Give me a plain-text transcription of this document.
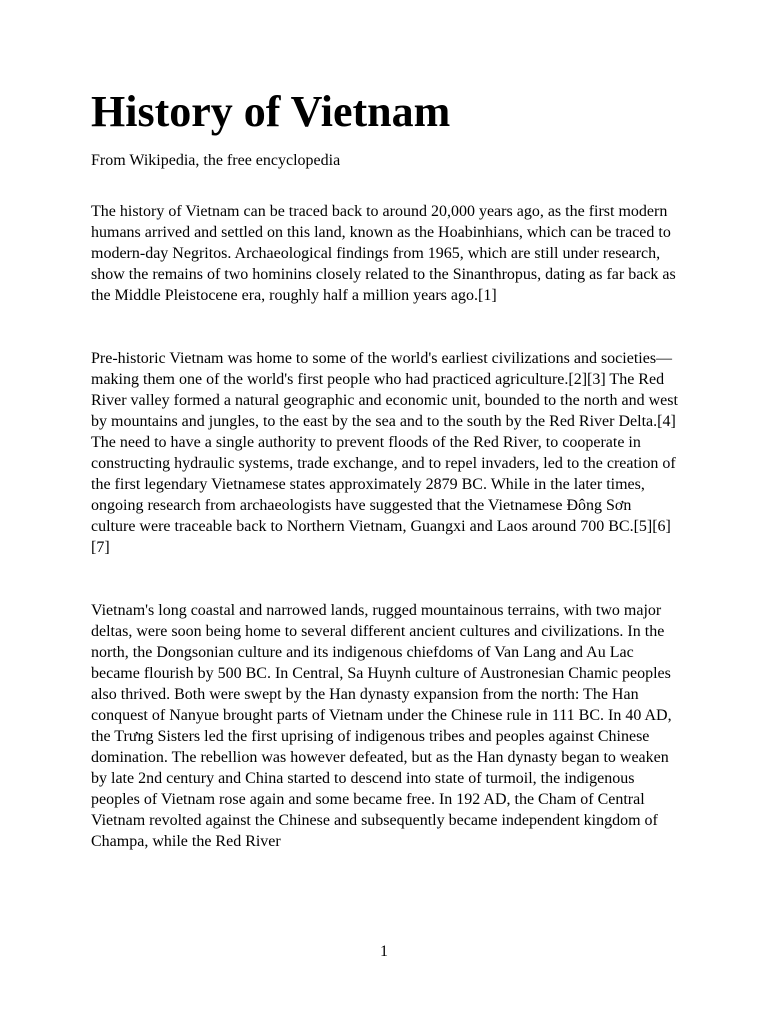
History of Vietnam

From Wikipedia, the free encyclopedia

The history of Vietnam can be traced back to around 20,000 years ago, as the first modern humans arrived and settled on this land, known as the Hoabinhians, which can be traced to modern-day Negritos. Archaeological findings from 1965, which are still under research, show the remains of two hominins closely related to the Sinanthropus, dating as far back as the Middle Pleistocene era, roughly half a million years ago.[1]

Pre-historic Vietnam was home to some of the world's earliest civilizations and societies—making them one of the world's first people who had practiced agriculture.[2][3] The Red River valley formed a natural geographic and economic unit, bounded to the north and west by mountains and jungles, to the east by the sea and to the south by the Red River Delta.[4] The need to have a single authority to prevent floods of the Red River, to cooperate in constructing hydraulic systems, trade exchange, and to repel invaders, led to the creation of the first legendary Vietnamese states approximately 2879 BC. While in the later times, ongoing research from archaeologists have suggested that the Vietnamese Đông Sơn culture were traceable back to Northern Vietnam, Guangxi and Laos around 700 BC.[5][6][7]

Vietnam's long coastal and narrowed lands, rugged mountainous terrains, with two major deltas, were soon being home to several different ancient cultures and civilizations. In the north, the Dongsonian culture and its indigenous chiefdoms of Van Lang and Au Lac became flourish by 500 BC. In Central, Sa Huynh culture of Austronesian Chamic peoples also thrived. Both were swept by the Han dynasty expansion from the north: The Han conquest of Nanyue brought parts of Vietnam under the Chinese rule in 111 BC. In 40 AD, the Trưng Sisters led the first uprising of indigenous tribes and peoples against Chinese domination. The rebellion was however defeated, but as the Han dynasty began to weaken by late 2nd century and China started to descend into state of turmoil, the indigenous peoples of Vietnam rose again and some became free. In 192 AD, the Cham of Central Vietnam revolted against the Chinese and subsequently became independent kingdom of Champa, while the Red River

1
